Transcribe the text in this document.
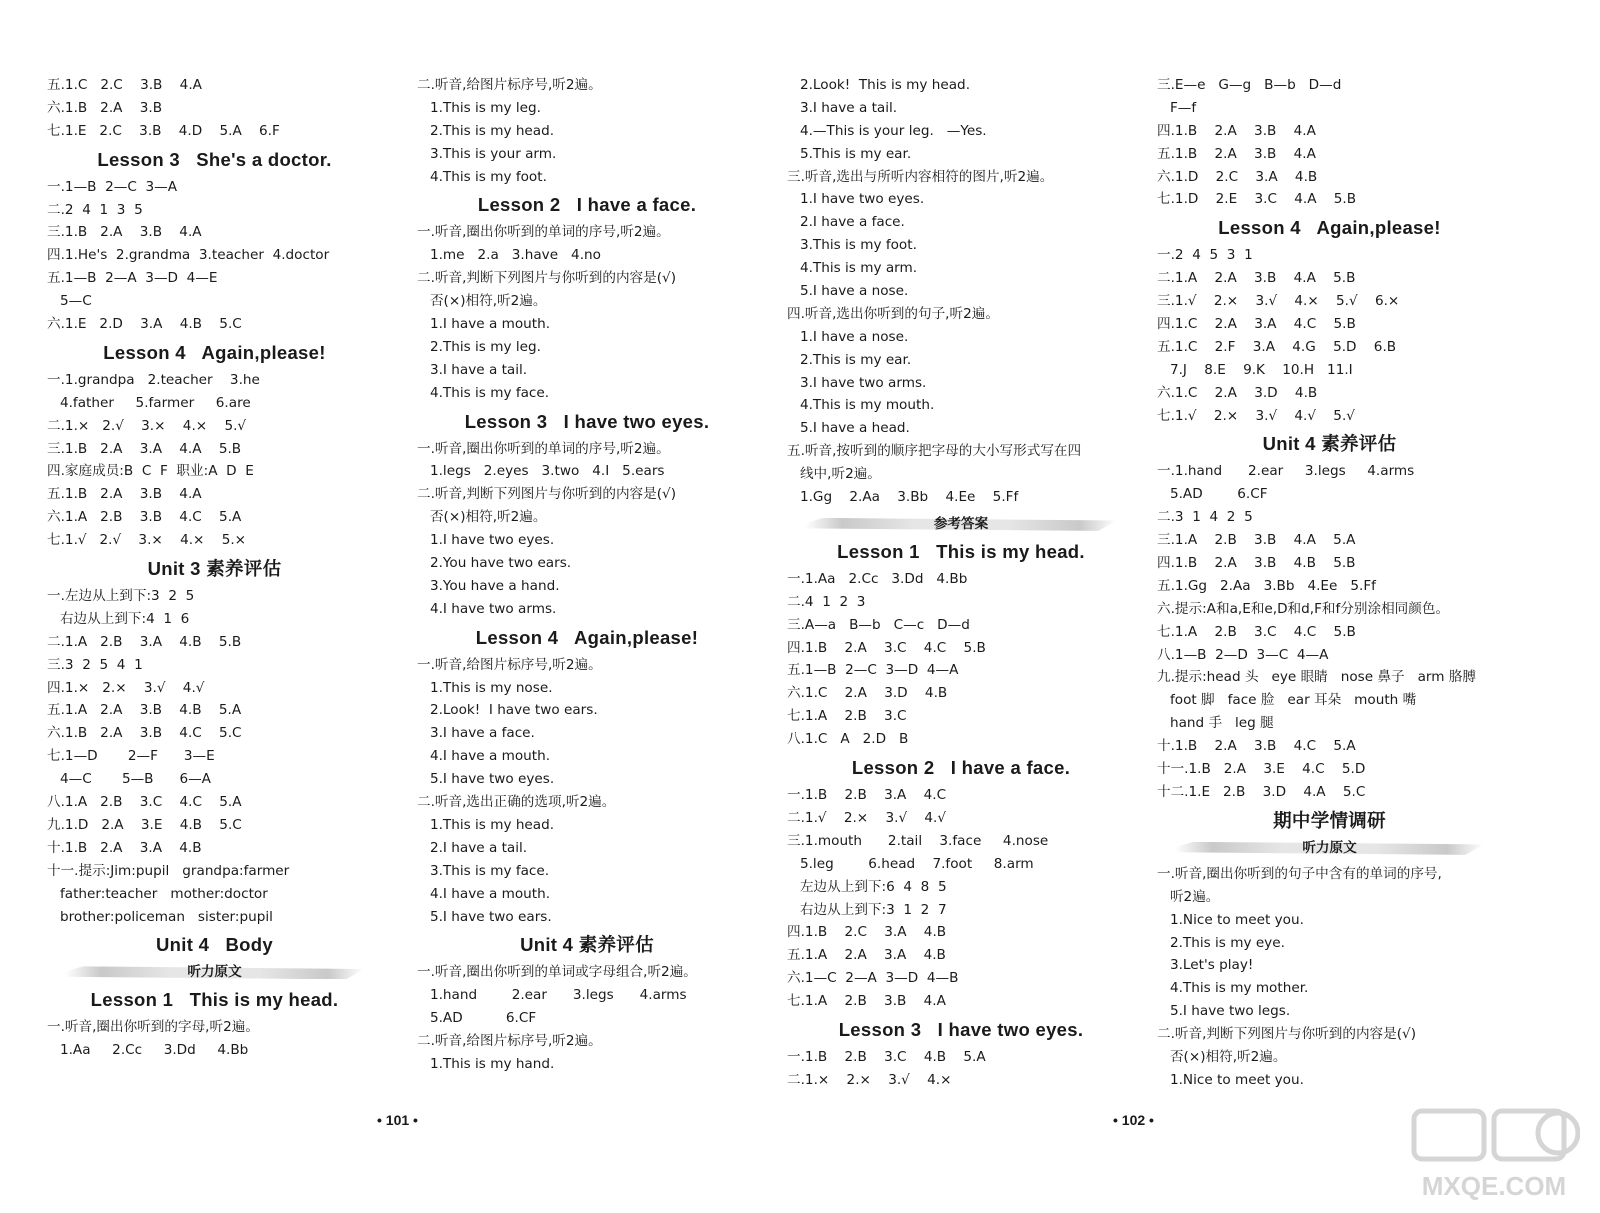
五.1.C   2.C    3.B    4.A
六.1.B   2.A    3.B
七.1.E   2.C    3.B    4.D    5.A    6.F
Lesson 3   She's a doctor.
一.1—B  2—C  3—A
二.2  4  1  3  5
三.1.B   2.A    3.B    4.A
四.1.He's  2.grandma  3.teacher  4.doctor
五.1—B  2—A  3—D  4—E
5—C
六.1.E   2.D    3.A    4.B    5.C
Lesson 4   Again,please!
一.1.grandpa   2.teacher    3.he
4.father     5.farmer     6.are
二.1.×   2.√    3.×    4.×    5.√
三.1.B   2.A    3.A    4.A    5.B
四.家庭成员:B  C  F  职业:A  D  E
五.1.B   2.A    3.B    4.A
六.1.A   2.B    3.B    4.C    5.A
七.1.√   2.√    3.×    4.×    5.×
Unit 3 素养评估
一.左边从上到下:3  2  5
右边从上到下:4  1  6
二.1.A   2.B    3.A    4.B    5.B
三.3  2  5  4  1
四.1.×   2.×    3.√    4.√
五.1.A   2.A    3.B    4.B    5.A
六.1.B   2.A    3.B    4.C    5.C
七.1—D       2—F      3—E
4—C       5—B      6—A
八.1.A   2.B    3.C    4.C    5.A
九.1.D   2.A    3.E    4.B    5.C
十.1.B   2.A    3.A    4.B
十一.提示:Jim:pupil   grandpa:farmer
father:teacher   mother:doctor
brother:policeman   sister:pupil
Unit 4   Body
听力原文
Lesson 1   This is my head.
一.听音,圈出你听到的字母,听2遍。
1.Aa     2.Cc     3.Dd     4.Bb
二.听音,给图片标序号,听2遍。
1.This is my leg.
2.This is my head.
3.This is your arm.
4.This is my foot.
Lesson 2   I have a face.
一.听音,圈出你听到的单词的序号,听2遍。
1.me   2.a   3.have   4.no
二.听音,判断下列图片与你听到的内容是(√)
否(×)相符,听2遍。
1.I have a mouth.
2.This is my leg.
3.I have a tail.
4.This is my face.
Lesson 3   I have two eyes.
一.听音,圈出你听到的单词的序号,听2遍。
1.legs   2.eyes   3.two   4.I   5.ears
二.听音,判断下列图片与你听到的内容是(√)
否(×)相符,听2遍。
1.I have two eyes.
2.You have two ears.
3.You have a hand.
4.I have two arms.
Lesson 4   Again,please!
一.听音,给图片标序号,听2遍。
1.This is my nose.
2.Look!  I have two ears.
3.I have a face.
4.I have a mouth.
5.I have two eyes.
二.听音,选出正确的选项,听2遍。
1.This is my head.
2.I have a tail.
3.This is my face.
4.I have a mouth.
5.I have two ears.
Unit 4 素养评估
一.听音,圈出你听到的单词或字母组合,听2遍。
1.hand        2.ear      3.legs      4.arms
5.AD          6.CF
二.听音,给图片标序号,听2遍。
1.This is my hand.
2.Look!  This is my head.
3.I have a tail.
4.—This is your leg.   —Yes.
5.This is my ear.
三.听音,选出与所听内容相符的图片,听2遍。
1.I have two eyes.
2.I have a face.
3.This is my foot.
4.This is my arm.
5.I have a nose.
四.听音,选出你听到的句子,听2遍。
1.I have a nose.
2.This is my ear.
3.I have two arms.
4.This is my mouth.
5.I have a head.
五.听音,按听到的顺序把字母的大小写形式写在四
线中,听2遍。
1.Gg    2.Aa    3.Bb    4.Ee    5.Ff
参考答案
Lesson 1   This is my head.
一.1.Aa   2.Cc   3.Dd   4.Bb
二.4  1  2  3
三.A—a   B—b   C—c   D—d
四.1.B    2.A    3.C    4.C    5.B
五.1—B  2—C  3—D  4—A
六.1.C    2.A    3.D    4.B
七.1.A    2.B    3.C
八.1.C   A   2.D   B
Lesson 2   I have a face.
一.1.B    2.B    3.A    4.C
二.1.√    2.×    3.√    4.√
三.1.mouth      2.tail    3.face     4.nose
5.leg        6.head    7.foot     8.arm
左边从上到下:6  4  8  5
右边从上到下:3  1  2  7
四.1.B    2.C    3.A    4.B
五.1.A    2.A    3.A    4.B
六.1—C  2—A  3—D  4—B
七.1.A    2.B    3.B    4.A
Lesson 3   I have two eyes.
一.1.B    2.B    3.C    4.B    5.A
二.1.×    2.×    3.√    4.×
三.E—e   G—g   B—b   D—d
F—f
四.1.B    2.A    3.B    4.A
五.1.B    2.A    3.B    4.A
六.1.D    2.C    3.A    4.B
七.1.D    2.E    3.C    4.A    5.B
Lesson 4   Again,please!
一.2  4  5  3  1
二.1.A    2.A    3.B    4.A    5.B
三.1.√    2.×    3.√    4.×    5.√    6.×
四.1.C    2.A    3.A    4.C    5.B
五.1.C    2.F    3.A    4.G    5.D    6.B
7.J    8.E    9.K    10.H   11.I
六.1.C    2.A    3.D    4.B
七.1.√    2.×    3.√    4.√    5.√
Unit 4 素养评估
一.1.hand      2.ear     3.legs     4.arms
5.AD        6.CF
二.3  1  4  2  5
三.1.A    2.B    3.B    4.A    5.A
四.1.B    2.A    3.B    4.B    5.B
五.1.Gg   2.Aa   3.Bb   4.Ee   5.Ff
六.提示:A和a,E和e,D和d,F和f分别涂相同颜色。
七.1.A    2.B    3.C    4.C    5.B
八.1—B  2—D  3—C  4—A
九.提示:head 头   eye 眼睛   nose 鼻子   arm 胳膊
foot 脚   face 脸   ear 耳朵   mouth 嘴
hand 手   leg 腿
十.1.B    2.A    3.B    4.C    5.A
十一.1.B   2.A    3.E    4.C    5.D
十二.1.E   2.B    3.D    4.A    5.C
期中学情调研
听力原文
一.听音,圈出你听到的句子中含有的单词的序号,
听2遍。
1.Nice to meet you.
2.This is my eye.
3.Let's play!
4.This is my mother.
5.I have two legs.
二.听音,判断下列图片与你听到的内容是(√)
否(×)相符,听2遍。
1.Nice to meet you.
• 101 •	• 102 •
MXQE.COM
